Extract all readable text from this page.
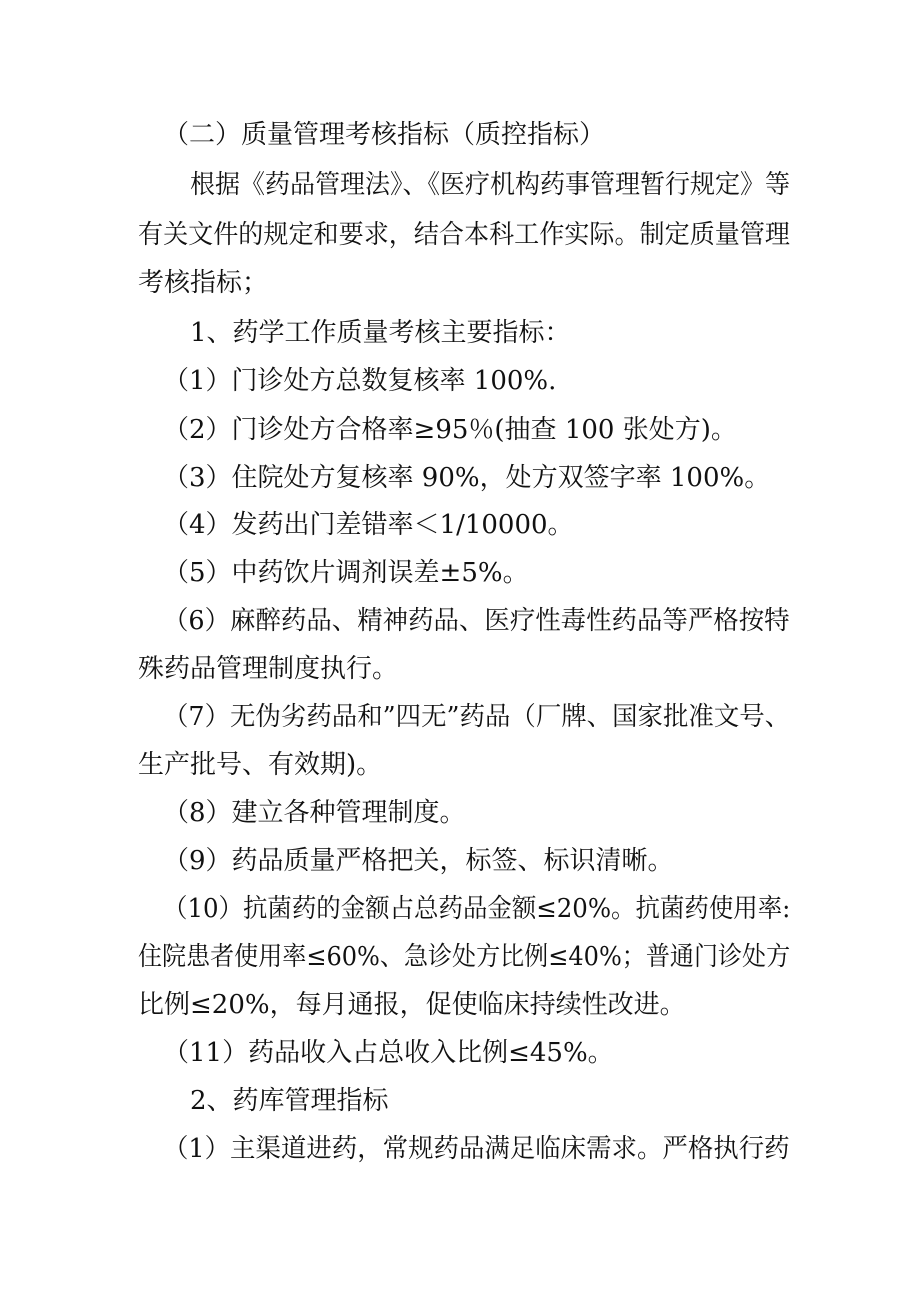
（二）质量管理考核指标（质控指标）
根据《药品管理法》、《医疗机构药事管理暂行规定》等
有关文件的规定和要求，结合本科工作实际。制定质量管理
考核指标；
1、药学工作质量考核主要指标：
（1）门诊处方总数复核率 100%.
（2）门诊处方合格率≥95％(抽查 100 张处方)。
（3）住院处方复核率 90%，处方双签字率 100%。
（4）发药出门差错率＜1/10000。
（5）中药饮片调剂误差±5%。
（6）麻醉药品、精神药品、医疗性毒性药品等严格按特
殊药品管理制度执行。
（7）无伪劣药品和”四无”药品（厂牌、国家批准文号、
生产批号、有效期)。
（8）建立各种管理制度。
（9）药品质量严格把关，标签、标识清晰。
（10）抗菌药的金额占总药品金额≤20%。抗菌药使用率:
住院患者使用率≤60%、急诊处方比例≤40%；普通门诊处方
比例≤20%，每月通报，促使临床持续性改进。
（11）药品收入占总收入比例≤45%。
2、药库管理指标
（1）主渠道进药，常规药品满足临床需求。严格执行药
